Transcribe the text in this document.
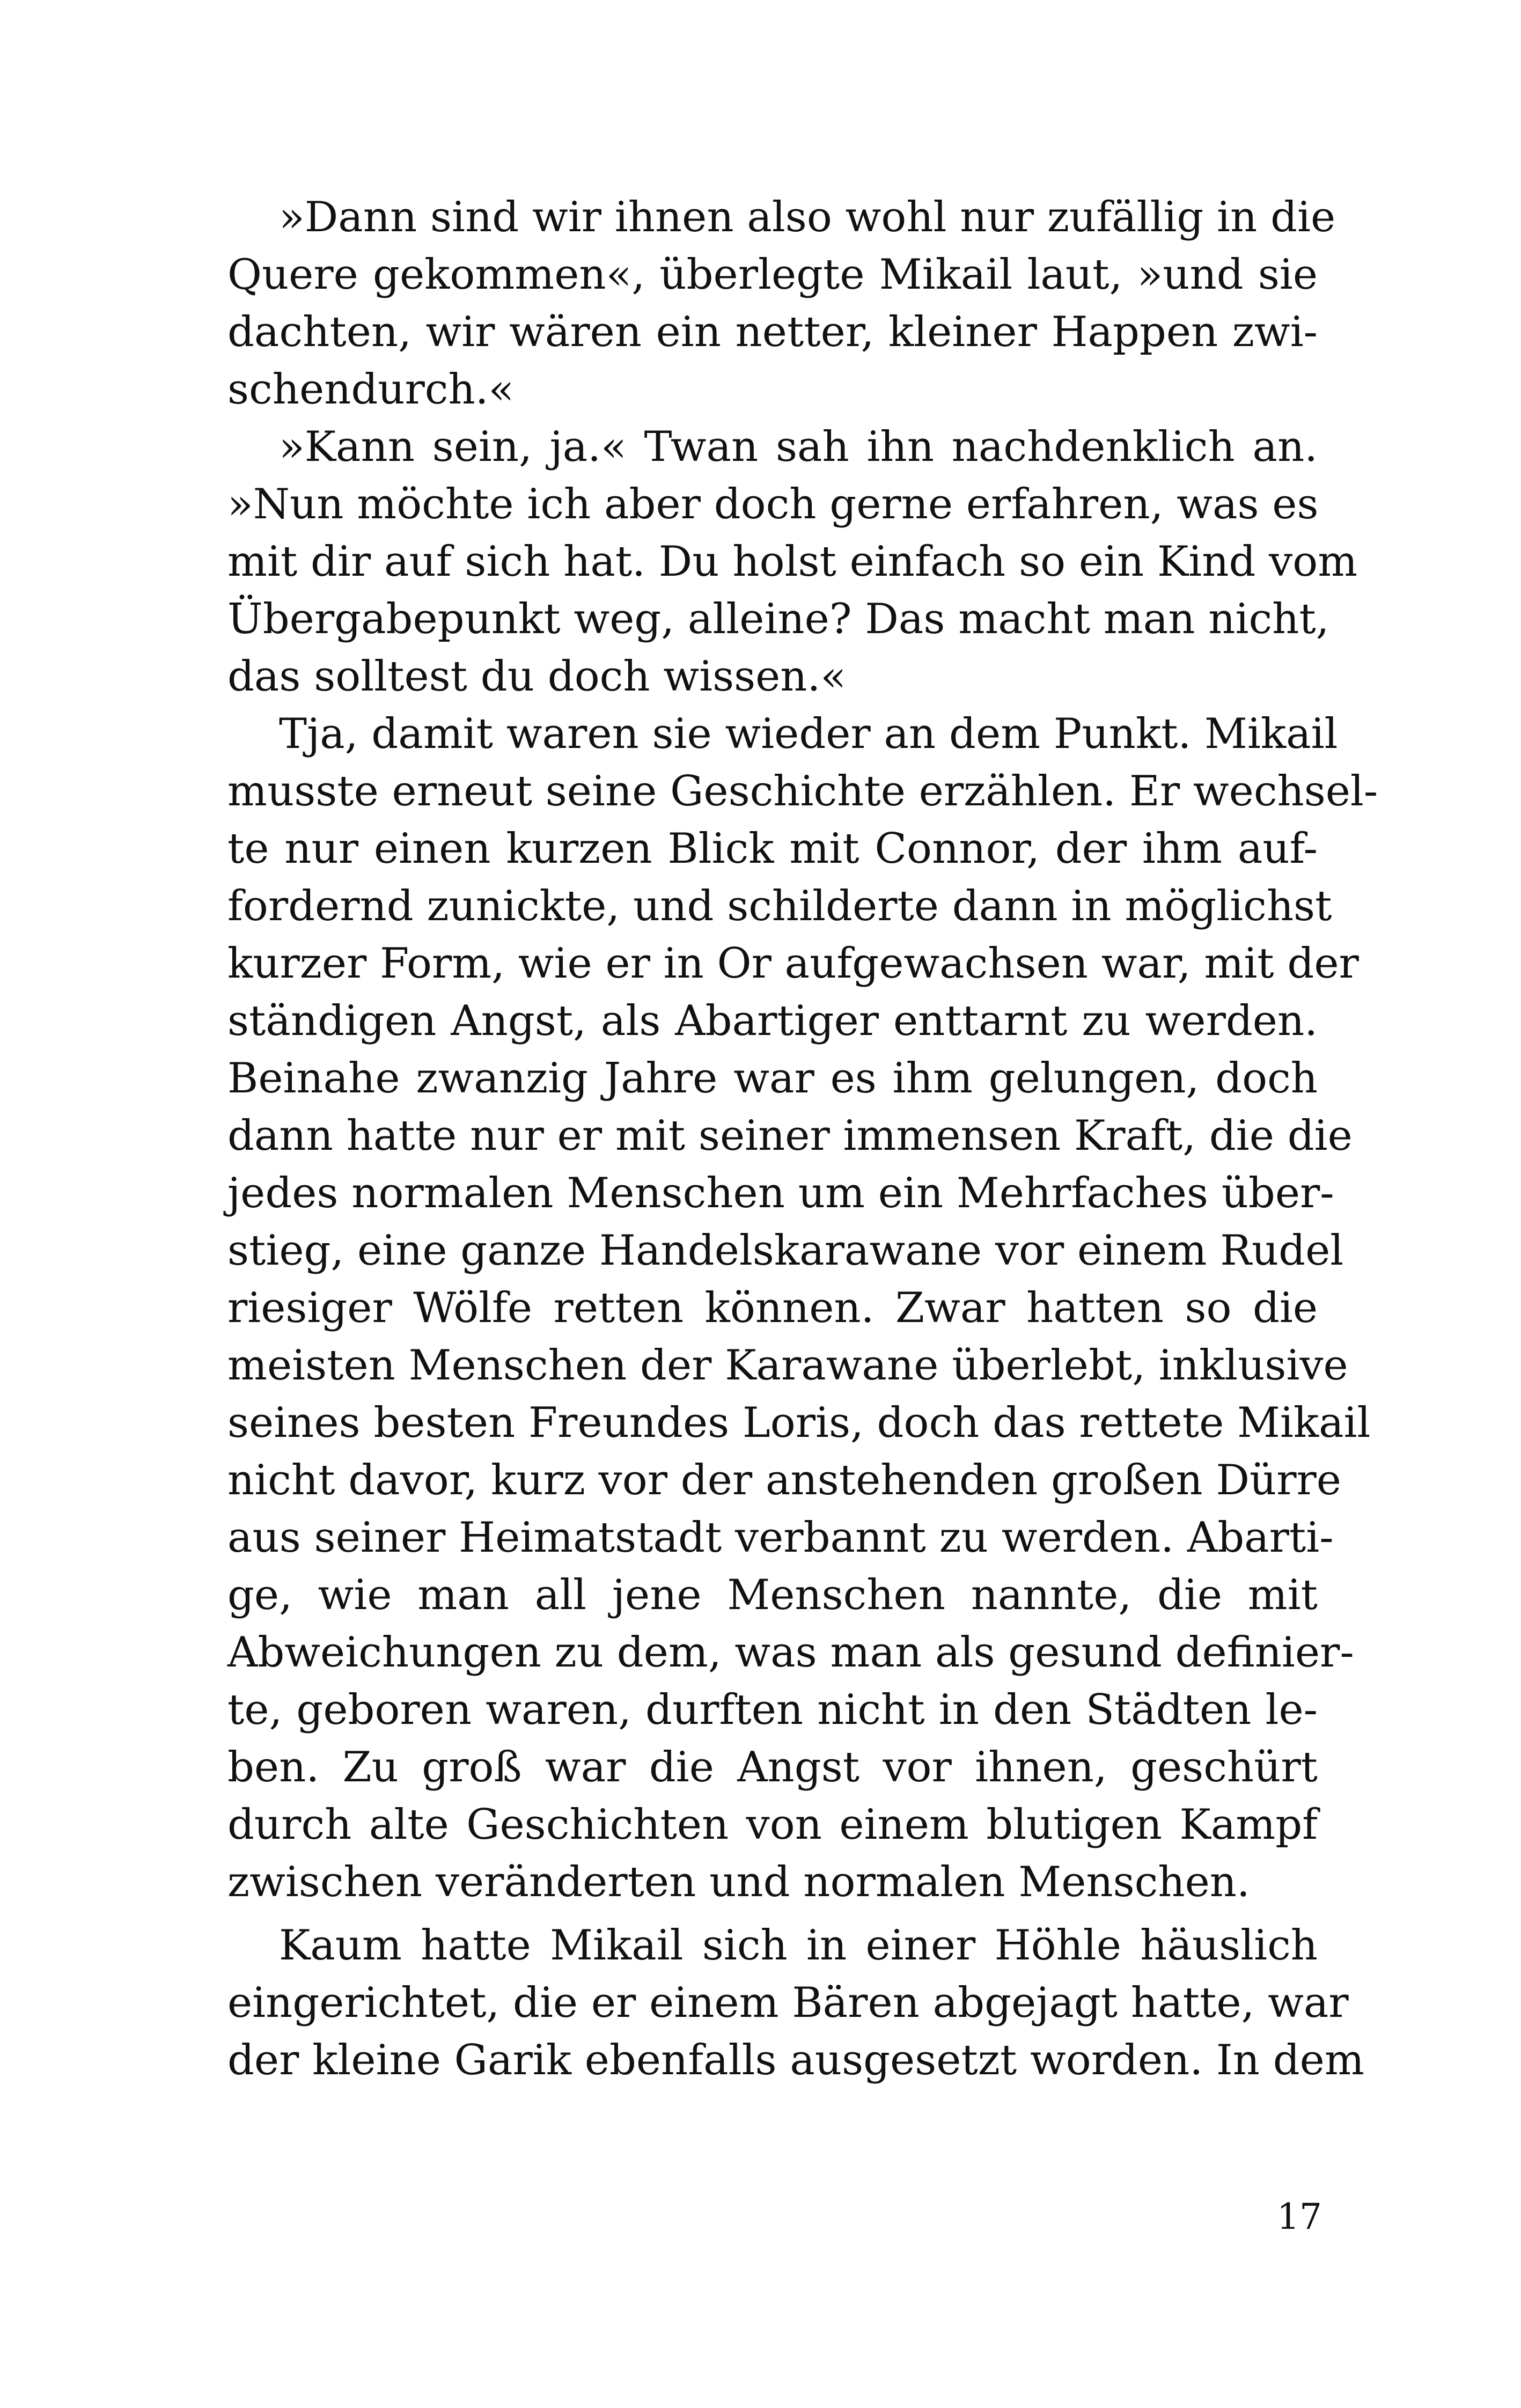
»Dann sind wir ihnen also wohl nur zufällig in die
Quere gekommen«, überlegte Mikail laut, »und sie
dachten, wir wären ein netter, kleiner Happen zwi-
schendurch.«
»Kann sein, ja.« Twan sah ihn nachdenklich an.
»Nun möchte ich aber doch gerne erfahren, was es
mit dir auf sich hat. Du holst einfach so ein Kind vom
Übergabepunkt weg, alleine? Das macht man nicht,
das solltest du doch wissen.«
Tja, damit waren sie wieder an dem Punkt. Mikail
musste erneut seine Geschichte erzählen. Er wechsel-
te nur einen kurzen Blick mit Connor, der ihm auf-
fordernd zunickte, und schilderte dann in möglichst
kurzer Form, wie er in Or aufgewachsen war, mit der
ständigen Angst, als Abartiger enttarnt zu werden.
Beinahe zwanzig Jahre war es ihm gelungen, doch
dann hatte nur er mit seiner immensen Kraft, die die
jedes normalen Menschen um ein Mehrfaches über-
stieg, eine ganze Handelskarawane vor einem Rudel
riesiger Wölfe retten können. Zwar hatten so die
meisten Menschen der Karawane überlebt, inklusive
seines besten Freundes Loris, doch das rettete Mikail
nicht davor, kurz vor der anstehenden großen Dürre
aus seiner Heimatstadt verbannt zu werden. Abarti-
ge, wie man all jene Menschen nannte, die mit
Abweichungen zu dem, was man als gesund definier-
te, geboren waren, durften nicht in den Städten le-
ben. Zu groß war die Angst vor ihnen, geschürt
durch alte Geschichten von einem blutigen Kampf
zwischen veränderten und normalen Menschen.
Kaum hatte Mikail sich in einer Höhle häuslich
eingerichtet, die er einem Bären abgejagt hatte, war
der kleine Garik ebenfalls ausgesetzt worden. In dem
17
